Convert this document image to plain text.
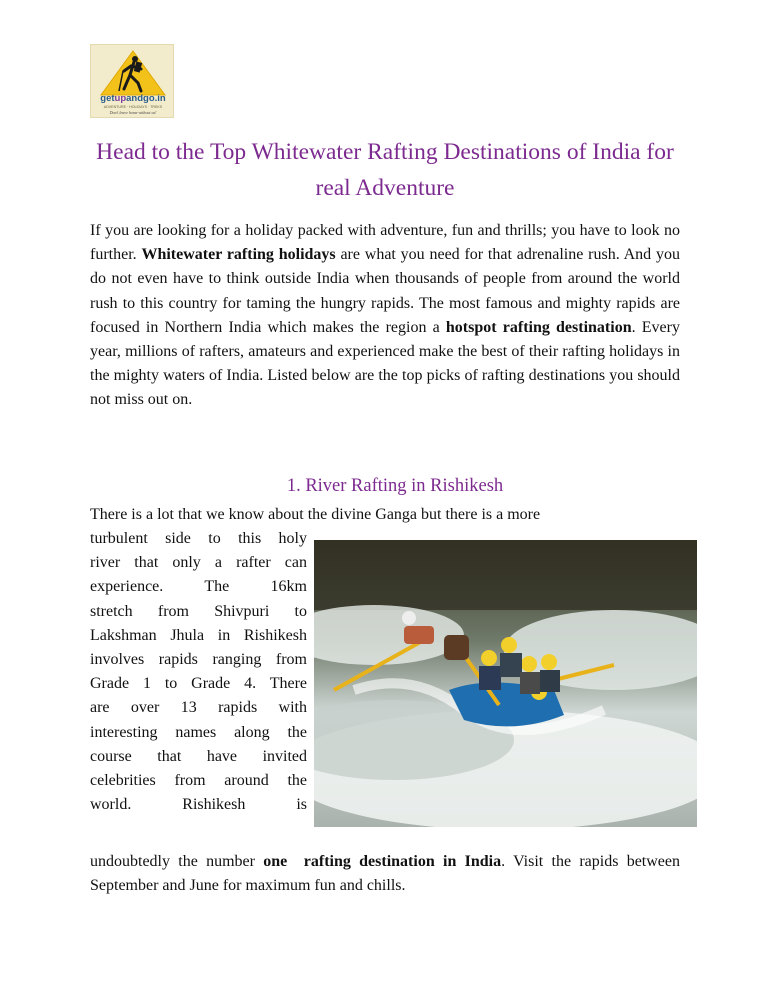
getupandgo.in
ADVENTURE · HOLIDAYS · TREKS
Don't leave home without us!
Head to the Top Whitewater Rafting Destinations of India for real Adventure

If you are looking for a holiday packed with adventure, fun and thrills; you have to look no further. Whitewater rafting holidays are what you need for that adrenaline rush. And you do not even have to think outside India when thousands of people from around the world rush to this country for taming the hungry rapids. The most famous and mighty rapids are focused in Northern India which makes the region a hotspot rafting destination. Every year, millions of rafters, amateurs and experienced make the best of their rafting holidays in the mighty waters of India. Listed below are the top picks of rafting destinations you should not miss out on.

1. River Rafting in Rishikesh

There is a lot that we know about the divine Ganga but there is a more

turbulent side to this holy
river that only a rafter can
experience. The 16km
stretch from Shivpuri to
Lakshman Jhula in Rishikesh
involves rapids ranging from
Grade 1 to Grade 4. There
are over 13 rapids with
interesting names along the
course that have invited
celebrities from around the
world. Rishikesh is

undoubtedly the number one rafting destination in India. Visit the rapids between September and June for maximum fun and chills.
